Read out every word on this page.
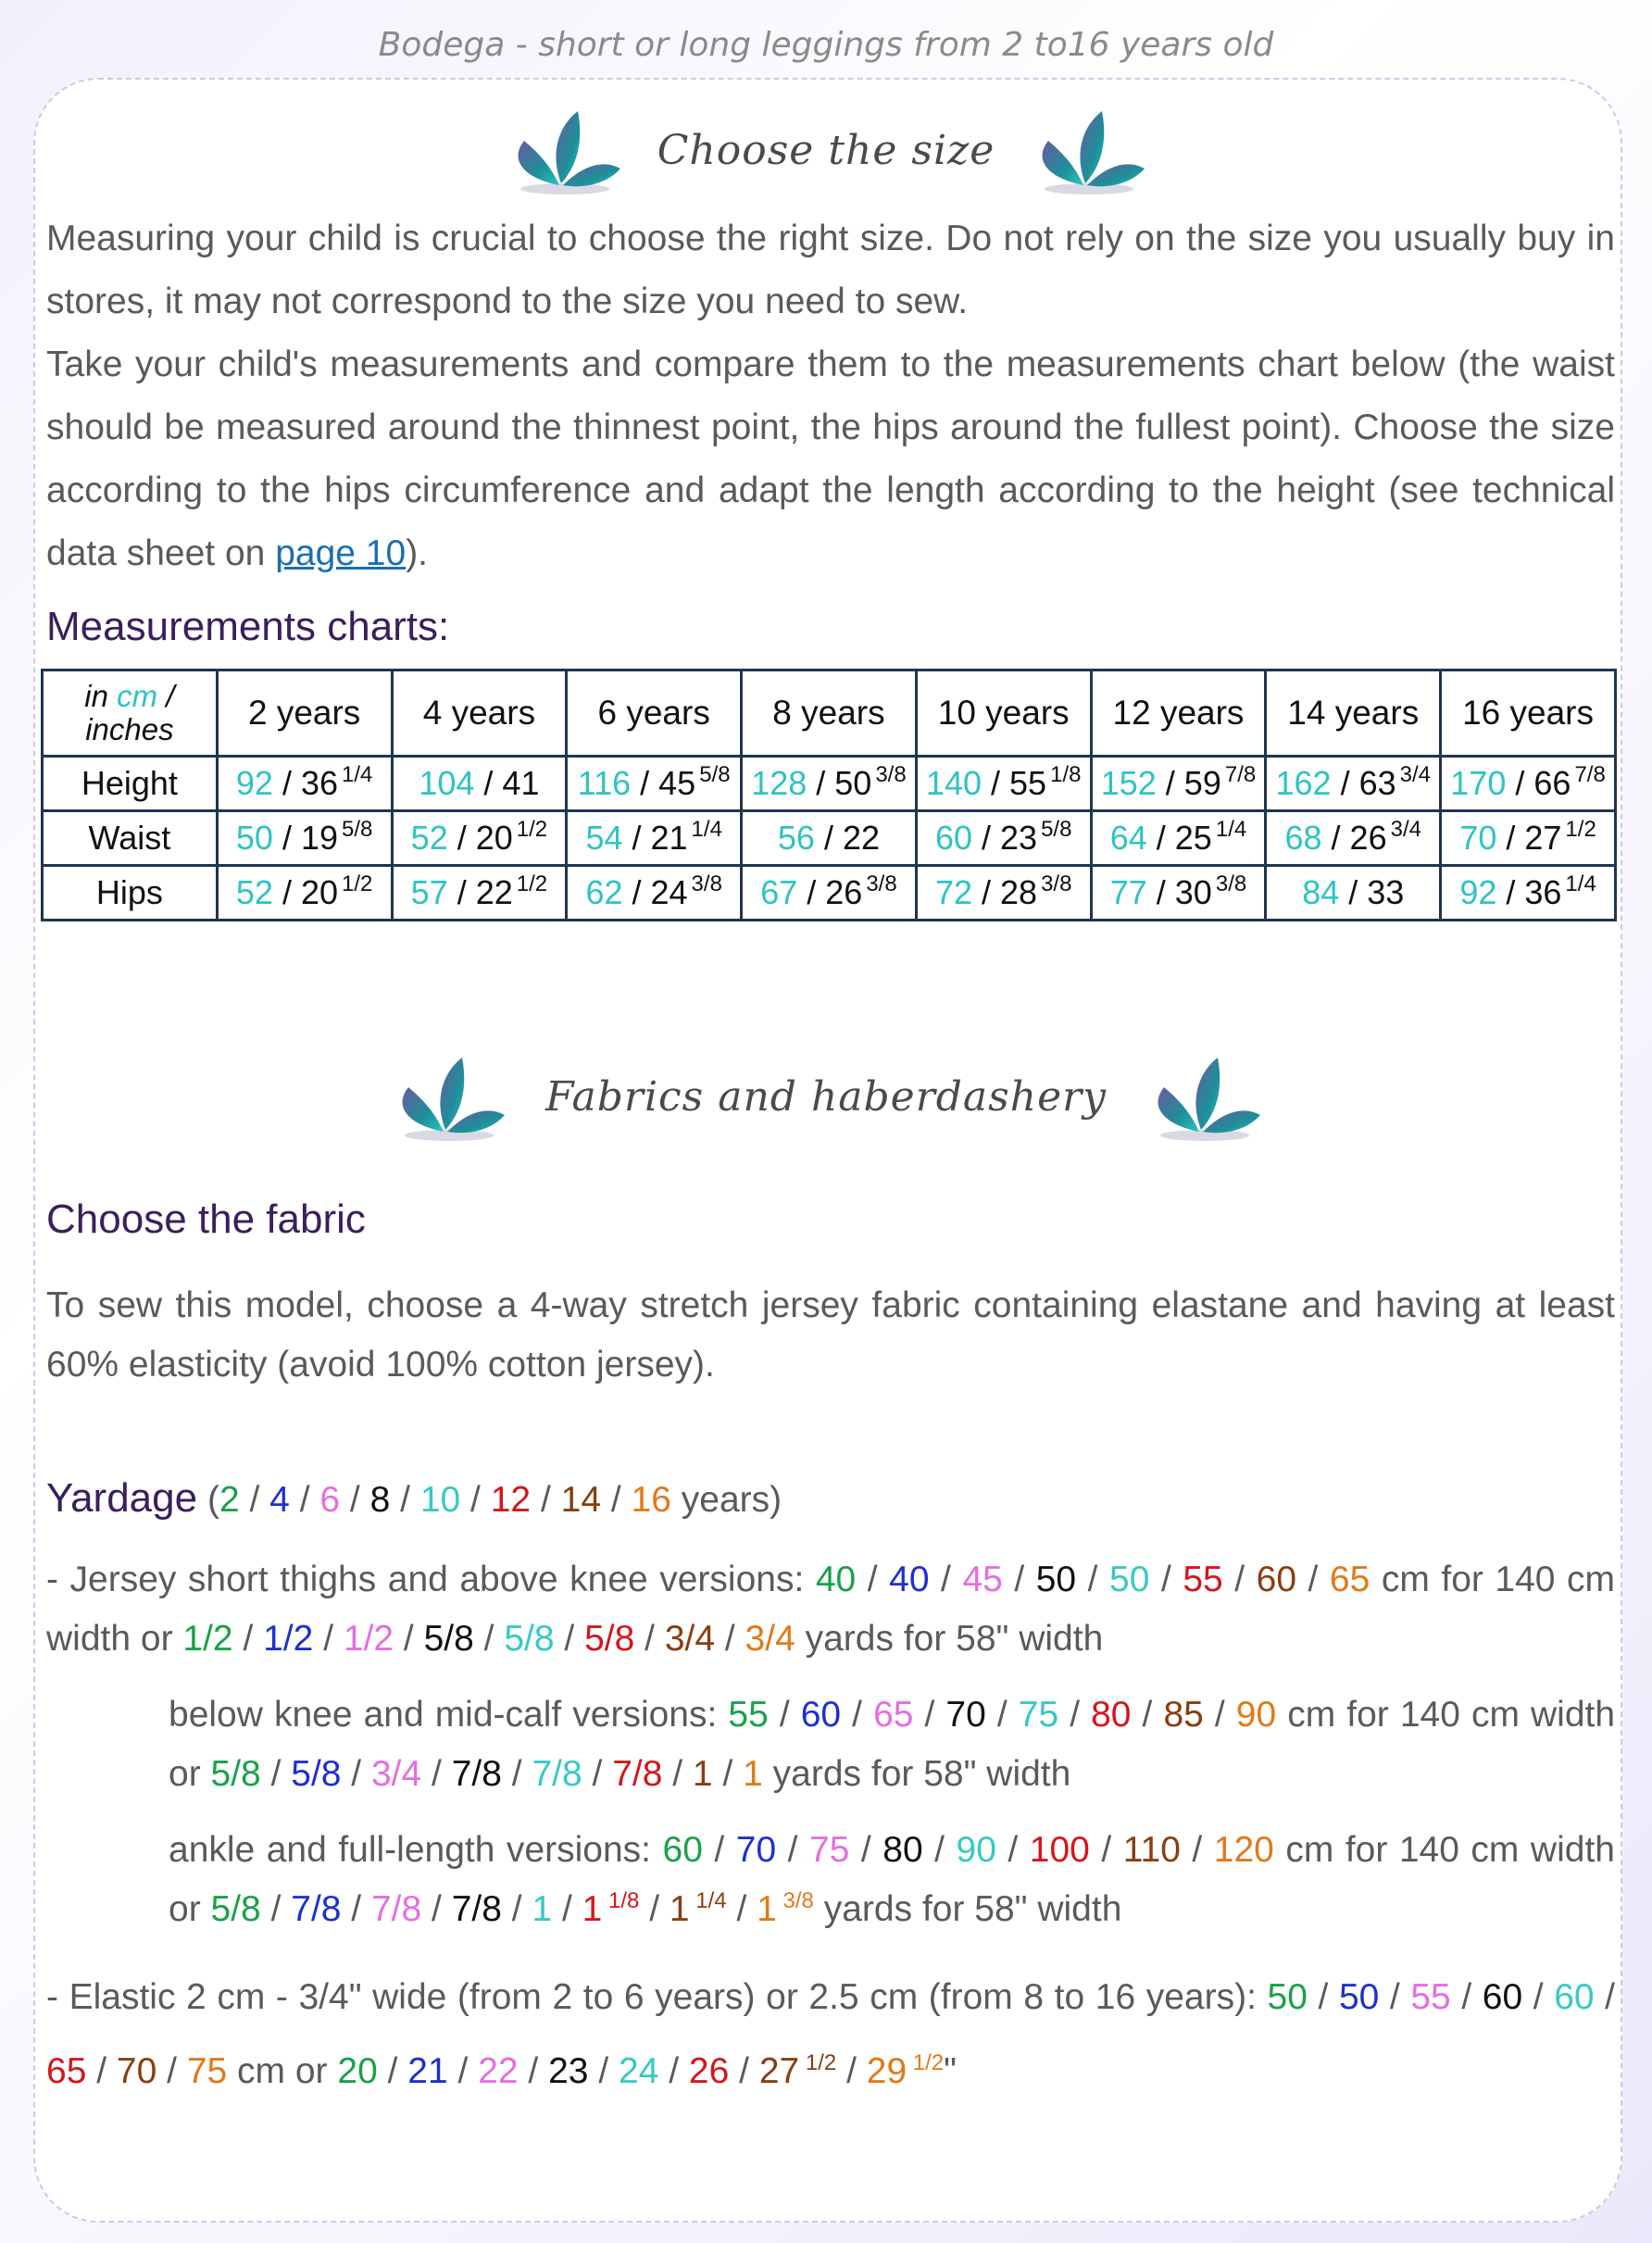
Bodega - short or long leggings from 2 to16 years old
Choose the size

Measuring your child is crucial to choose the right size. Do not rely on the size you usually buy in stores, it may not correspond to the size you need to sew.

Take your child's measurements and compare them to the measurements chart below (the waist should be measured around the thinnest point, the hips around the fullest point). Choose the size according to the hips circumference and adapt the length according to the height (see technical data sheet on page 10).

Measurements charts:
in cm /
inches	2 years	4 years	6 years	8 years	10 years	12 years	14 years	16 years
Height	92 / 36 $^{1/4}$	104 / 41	116 / 45 $^{5/8}$	128 / 50 $^{3/8}$	140 / 55 $^{1/8}$	152 / 59 $^{7/8}$	162 / 63 $^{3/4}$	170 / 66 $^{7/8}$
Waist	50 / 19 $^{5/8}$	52 / 20 $^{1/2}$	54 / 21 $^{1/4}$	56 / 22	60 / 23 $^{5/8}$	64 / 25 $^{1/4}$	68 / 26 $^{3/4}$	70 / 27 $^{1/2}$
Hips	52 / 20 $^{1/2}$	57 / 22 $^{1/2}$	62 / 24 $^{3/8}$	67 / 26 $^{3/8}$	72 / 28 $^{3/8}$	77 / 30 $^{3/8}$	84 / 33	92 / 36 $^{1/4}$
Fabrics and haberdashery
Choose the fabric
To sew this model, choose a 4-way stretch jersey fabric containing elastane and having at least 60% elasticity (avoid 100% cotton jersey).

Yardage (2 / 4 / 6 / 8 / 10 / 12 / 14 / 16 years)

- Jersey short thighs and above knee versions: 40 / 40 / 45 / 50 / 50 / 55 / 60 / 65 cm for 140 cm width or 1/2 / 1/2 / 1/2 / 5/8 / 5/8 / 5/8 / 3/4 / 3/4 yards for 58" width

below knee and mid-calf versions: 55 / 60 / 65 / 70 / 75 / 80 / 85 / 90 cm for 140 cm width or 5/8 / 5/8 / 3/4 / 7/8 / 7/8 / 7/8 / 1 / 1 yards for 58" width

ankle and full-length versions: 60 / 70 / 75 / 80 / 90 / 100 / 110 / 120 cm for 140 cm width or 5/8 / 7/8 / 7/8 / 7/8 / 1 / 1 $^{1/8}$ / 1 $^{1/4}$ / 1 $^{3/8}$ yards for 58" width

- Elastic 2 cm - 3/4" wide (from 2 to 6 years) or 2.5 cm (from 8 to 16 years): 50 / 50 / 55 / 60 / 60 / 65 / 70 / 75 cm or 20 / 21 / 22 / 23 / 24 / 26 / 27 $^{1/2}$ / 29 $^{1/2}$"
